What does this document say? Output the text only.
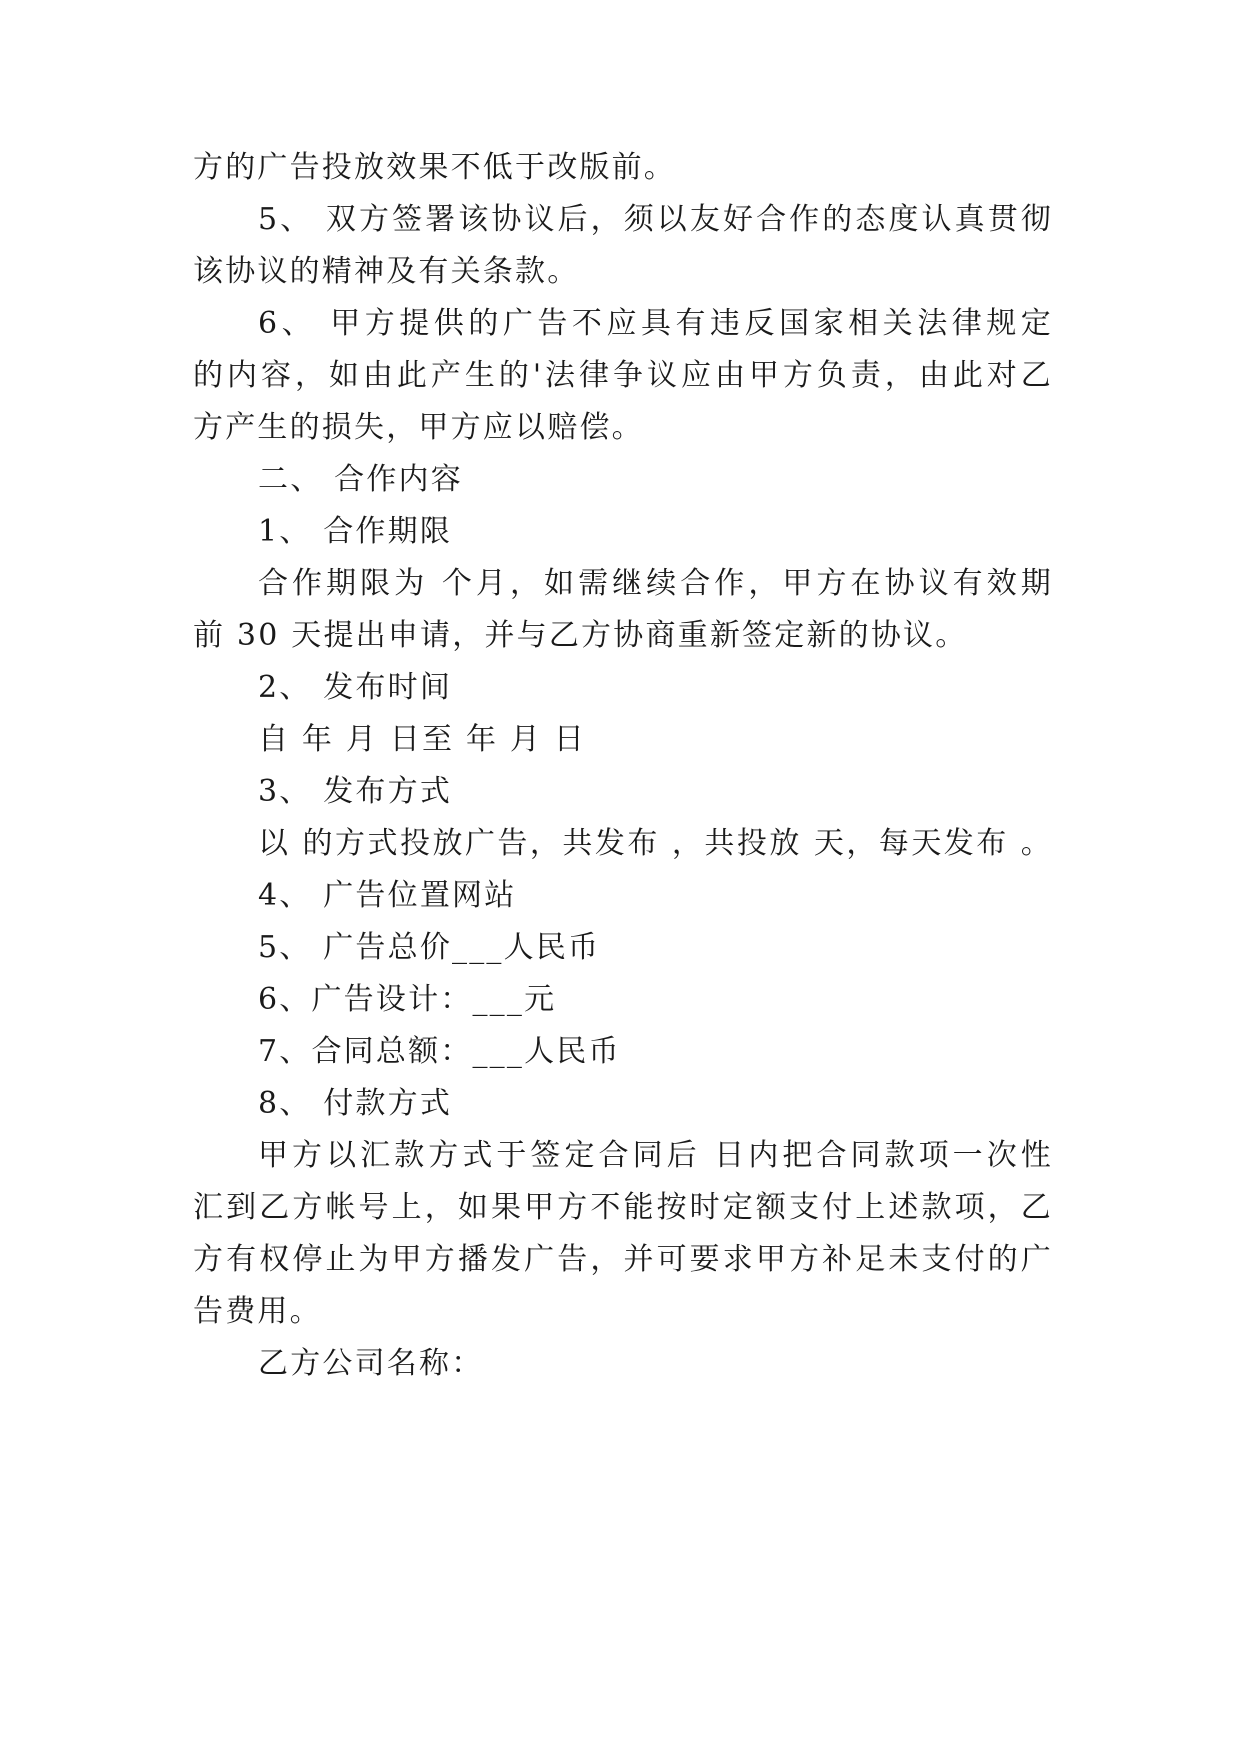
方的广告投放效果不低于改版前。
5、 双方签署该协议后，须以友好合作的态度认真贯彻
该协议的精神及有关条款。
6、 甲方提供的广告不应具有违反国家相关法律规定
的内容，如由此产生的'法律争议应由甲方负责，由此对乙
方产生的损失，甲方应以赔偿。
二、 合作内容
1、 合作期限
合作期限为 个月，如需继续合作，甲方在协议有效期
前 30 天提出申请，并与乙方协商重新签定新的协议。
2、 发布时间
自 年 月 日至 年 月 日
3、 发布方式
以 的方式投放广告，共发布 ，共投放 天，每天发布 。
4、 广告位置网站
5、 广告总价___人民币
6、广告设计：___元
7、合同总额：___人民币
8、 付款方式
甲方以汇款方式于签定合同后 日内把合同款项一次性
汇到乙方帐号上，如果甲方不能按时定额支付上述款项，乙
方有权停止为甲方播发广告，并可要求甲方补足未支付的广
告费用。
乙方公司名称：
